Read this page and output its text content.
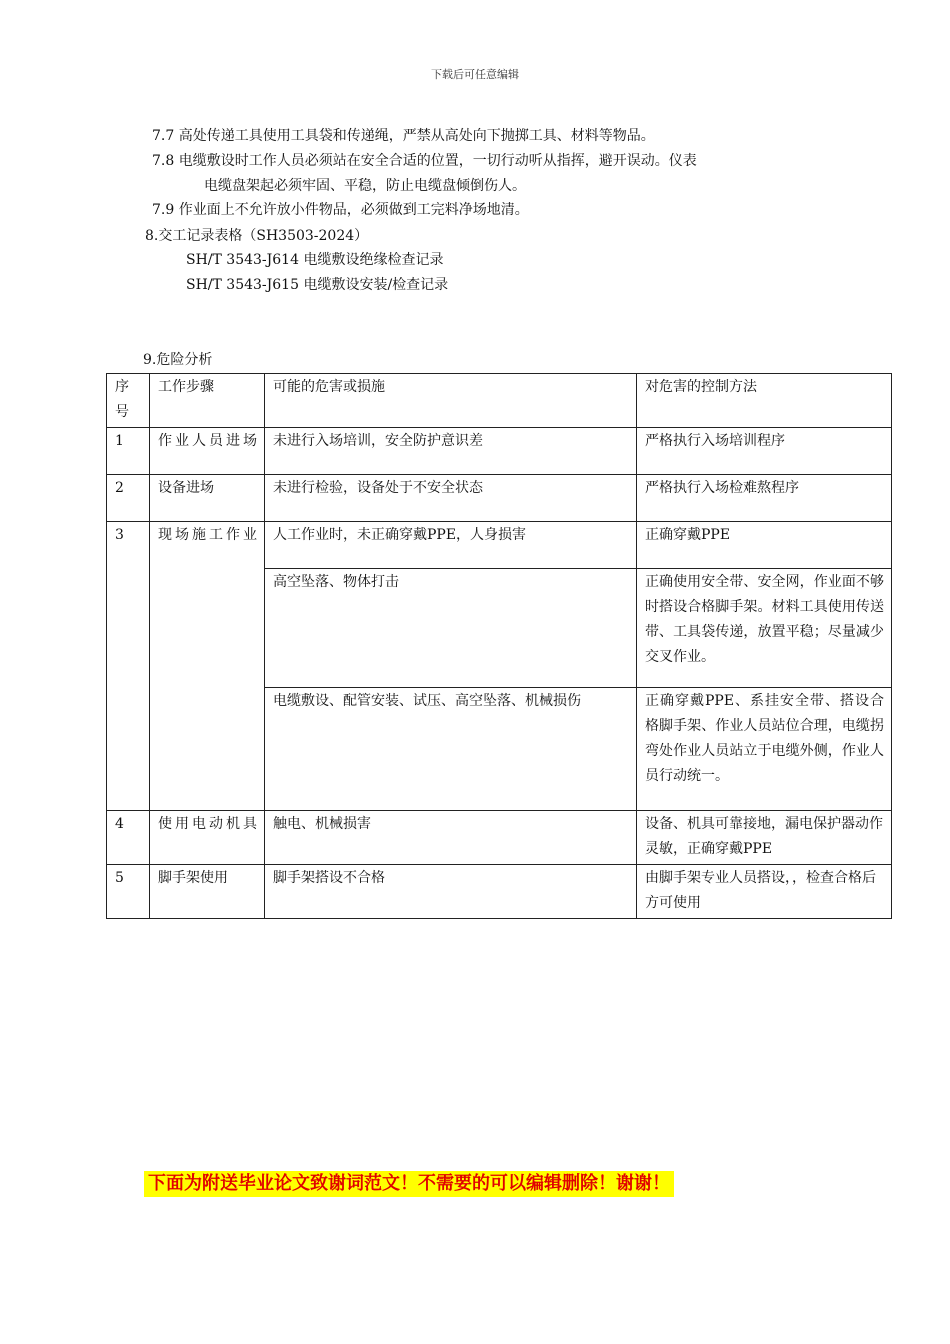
下载后可任意编辑
7.7 高处传递工具使用工具袋和传递绳，严禁从高处向下抛掷工具、材料等物品。
7.8 电缆敷设时工作人员必须站在安全合适的位置，一切行动听从指挥，避开误动。仪表
电缆盘架起必须牢固、平稳，防止电缆盘倾倒伤人。
7.9 作业面上不允许放小件物品，必须做到工完料净场地清。
8.交工记录表格（SH3503-2024）
SH/T 3543-J614 电缆敷设绝缘检查记录
SH/T 3543-J615 电缆敷设安装/检查记录
9.危险分析
序号	工作步骤	可能的危害或损施	对危害的控制方法
1	作业人员进场	未进行入场培训，安全防护意识差	严格执行入场培训程序
2	设备进场	未进行检验，设备处于不安全状态	严格执行入场检难熬程序
3	现场施工作业	人工作业时，未正确穿戴PPE，人身损害	正确穿戴PPE
		高空坠落、物体打击	正确使用安全带、安全网，作业面不够时搭设合格脚手架。材料工具使用传送带、工具袋传递，放置平稳；尽量减少交叉作业。
		电缆敷设、配管安装、试压、高空坠落、机械损伤	正确穿戴PPE、系挂安全带、搭设合格脚手架、作业人员站位合理，电缆拐弯处作业人员站立于电缆外侧，作业人员行动统一。
4	使用电动机具	触电、机械损害	设备、机具可靠接地，漏电保护器动作灵敏，正确穿戴PPE
5	脚手架使用	脚手架搭设不合格	由脚手架专业人员搭设，，检查合格后方可使用
下面为附送毕业论文致谢词范文！不需要的可以编辑删除！谢谢！
